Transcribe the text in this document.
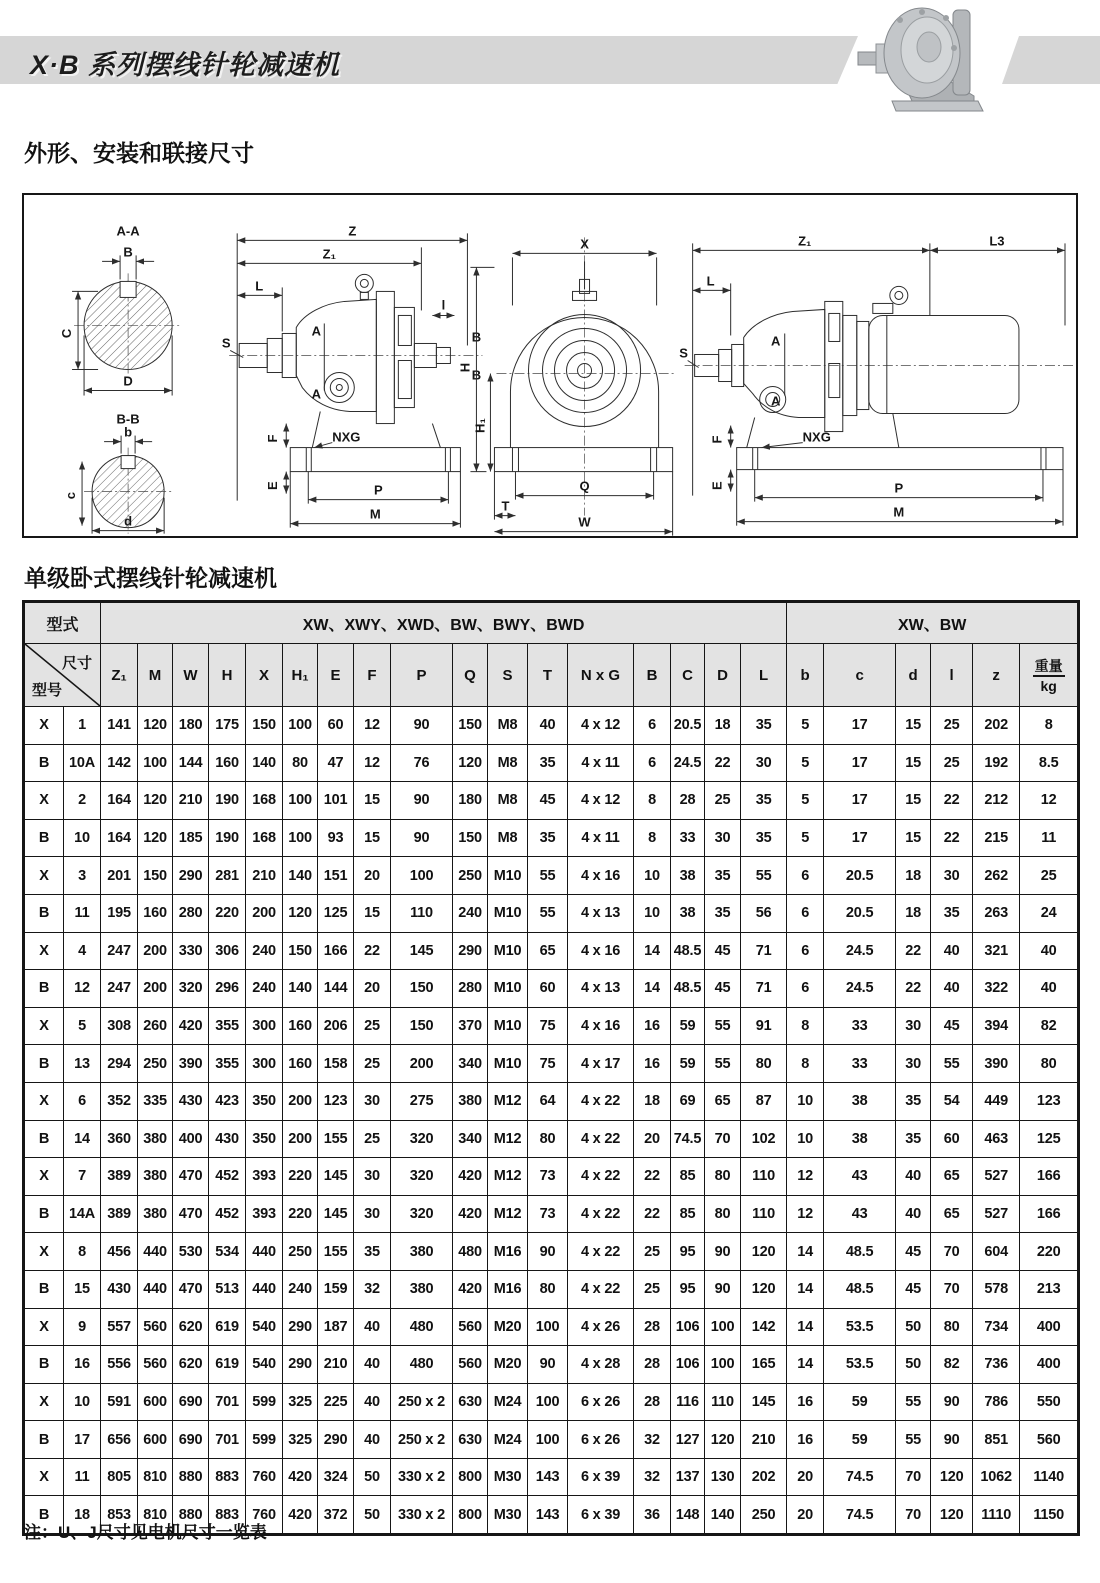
X·B 系列摆线针轮减速机
外形、安装和联接尺寸
A-A
B
C
D
B-B
b
c
d
Z
Z₁
L
A
A
S
l
B
B
NXG
F
E	P
M
X
H
H₁
Q
T
W
Z₁	L3
L
A
A
S
NXG
F
E	P
M
单级卧式摆线针轮减速机
型式		XW、XWY、XWD、BW、BWY、BWD																	XW、BW					

尺寸
型号		Z₁	M	W	H	X	H₁	E	F	P	Q	S	T	N x G	B	C	D	L	b	c	d	l	z	重量
kg

X	1	141	120	180	175	150	100	60	12	90	150	M8	40	4 x 12	6	20.5	18	35	5	17	15	25	202	8
B	10A	142	100	144	160	140	80	47	12	76	120	M8	35	4 x 11	6	24.5	22	30	5	17	15	25	192	8.5
X	2	164	120	210	190	168	100	101	15	90	180	M8	45	4 x 12	8	28	25	35	5	17	15	22	212	12
B	10	164	120	185	190	168	100	93	15	90	150	M8	35	4 x 11	8	33	30	35	5	17	15	22	215	11
X	3	201	150	290	281	210	140	151	20	100	250	M10	55	4 x 16	10	38	35	55	6	20.5	18	30	262	25
B	11	195	160	280	220	200	120	125	15	110	240	M10	55	4 x 13	10	38	35	56	6	20.5	18	35	263	24
X	4	247	200	330	306	240	150	166	22	145	290	M10	65	4 x 16	14	48.5	45	71	6	24.5	22	40	321	40
B	12	247	200	320	296	240	140	144	20	150	280	M10	60	4 x 13	14	48.5	45	71	6	24.5	22	40	322	40
X	5	308	260	420	355	300	160	206	25	150	370	M10	75	4 x 16	16	59	55	91	8	33	30	45	394	82
B	13	294	250	390	355	300	160	158	25	200	340	M10	75	4 x 17	16	59	55	80	8	33	30	55	390	80
X	6	352	335	430	423	350	200	123	30	275	380	M12	64	4 x 22	18	69	65	87	10	38	35	54	449	123
B	14	360	380	400	430	350	200	155	25	320	340	M12	80	4 x 22	20	74.5	70	102	10	38	35	60	463	125
X	7	389	380	470	452	393	220	145	30	320	420	M12	73	4 x 22	22	85	80	110	12	43	40	65	527	166
B	14A	389	380	470	452	393	220	145	30	320	420	M12	73	4 x 22	22	85	80	110	12	43	40	65	527	166
X	8	456	440	530	534	440	250	155	35	380	480	M16	90	4 x 22	25	95	90	120	14	48.5	45	70	604	220
B	15	430	440	470	513	440	240	159	32	380	420	M16	80	4 x 22	25	95	90	120	14	48.5	45	70	578	213
X	9	557	560	620	619	540	290	187	40	480	560	M20	100	4 x 26	28	106	100	142	14	53.5	50	80	734	400
B	16	556	560	620	619	540	290	210	40	480	560	M20	90	4 x 28	28	106	100	165	14	53.5	50	82	736	400
X	10	591	600	690	701	599	325	225	40	250 x 2	630	M24	100	6 x 26	28	116	110	145	16	59	55	90	786	550
B	17	656	600	690	701	599	325	290	40	250 x 2	630	M24	100	6 x 26	32	127	120	210	16	59	55	90	851	560
X	11	805	810	880	883	760	420	324	50	330 x 2	800	M30	143	6 x 39	32	137	130	202	20	74.5	70	120	1062	1140
B	18	853	810	880	883	760	420	372	50	330 x 2	800	M30	143	6 x 39	36	148	140	250	20	74.5	70	120	1110	1150
注：U、J尺寸见电机尺寸一览表
